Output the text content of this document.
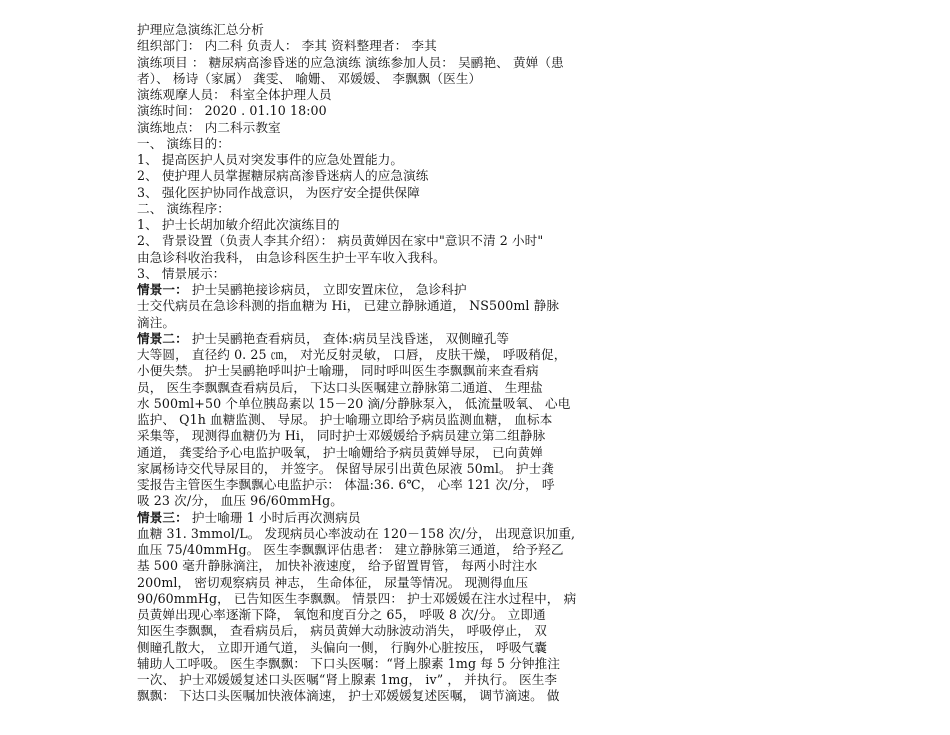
护理应急演练汇总分析
组织部门： 内二科 负责人： 李其 资料整理者： 李其
演练项目 ： 糖尿病高渗昏迷的应急演练 演练参加人员： 吴鹂艳、 黄婵（患
者）、 杨诗（家属） 龚雯、 喻姗、 邓媛媛、 李飘飘（医生）
演练观摩人员： 科室全体护理人员
演练时间： 2020 . 01.10 18:00
演练地点： 内二科示教室
一、 演练目的：
1、 提高医护人员对突发事件的应急处置能力。
2、 使护理人员掌握糖尿病高渗昏迷病人的应急演练
3、 强化医护协同作战意识， 为医疗安全提供保障
二、 演练程序：
1、 护士长胡加敏介绍此次演练目的
2、 背景设置（负责人李其介绍）： 病员黄婵因在家中"意识不清 2 小时"
由急诊科收治我科， 由急诊科医生护士平车收入我科。
3、 情景展示：
情景一： 护士吴鹂艳接诊病员， 立即安置床位， 急诊科护
士交代病员在急诊科测的指血糖为 Hi， 已建立静脉通道， NS500ml 静脉
滴注。
情景二： 护士吴鹂艳查看病员， 查体:病员呈浅昏迷， 双侧瞳孔等
大等圆， 直径约 0. 25 ㎝， 对光反射灵敏， 口唇， 皮肤干燥， 呼吸稍促，
小便失禁。 护士吴鹂艳呼叫护士喻珊， 同时呼叫医生李飘飘前来查看病
员， 医生李飘飘查看病员后， 下达口头医嘱建立静脉第二通道、 生理盐
水 500ml+50 个单位胰岛素以 15－20 滴/分静脉泵入， 低流量吸氧、 心电
监护、 Q1h 血糖监测、 导尿。 护士喻珊立即给予病员监测血糖， 血标本
采集等， 现测得血糖仍为 Hi， 同时护士邓媛媛给予病员建立第二组静脉
通道， 龚雯给予心电监护吸氧， 护士喻姗给予病员黄婵导尿， 已向黄婵
家属杨诗交代导尿目的， 并签字。 保留导尿引出黄色尿液 50ml。 护士龚
雯报告主管医生李飘飘心电监护示： 体温:36. 6℃， 心率 121 次/分， 呼
吸 23 次/分， 血压 96/60mmHg。
情景三： 护士喻珊 1 小时后再次测病员
血糖 31. 3mmol/L。 发现病员心率波动在 120－158 次/分， 出现意识加重,
血压 75/40mmHg。 医生李飘飘评估患者： 建立静脉第三通道， 给予羟乙
基 500 毫升静脉滴注， 加快补液速度， 给予留置胃管， 每两小时注水
200ml， 密切观察病员 神志， 生命体征， 尿量等情况。 现测得血压
90/60mmHg， 已告知医生李飘飘。 情景四： 护士邓媛媛在注水过程中， 病
员黄婵出现心率逐渐下降， 氧饱和度百分之 65， 呼吸 8 次/分。 立即通
知医生李飘飘， 查看病员后， 病员黄婵大动脉波动消失， 呼吸停止， 双
侧瞳孔散大， 立即开通气道， 头偏向一侧， 行胸外心脏按压， 呼吸气囊
辅助人工呼吸。 医生李飘飘： 下口头医嘱：“肾上腺素 1mg 每 5 分钟推注
一次、 护士邓媛媛复述口头医嘱“肾上腺素 1mg， iv” ， 并执行。 医生李
飘飘： 下达口头医嘱加快液体滴速， 护士邓媛媛复述医嘱， 调节滴速。 做
